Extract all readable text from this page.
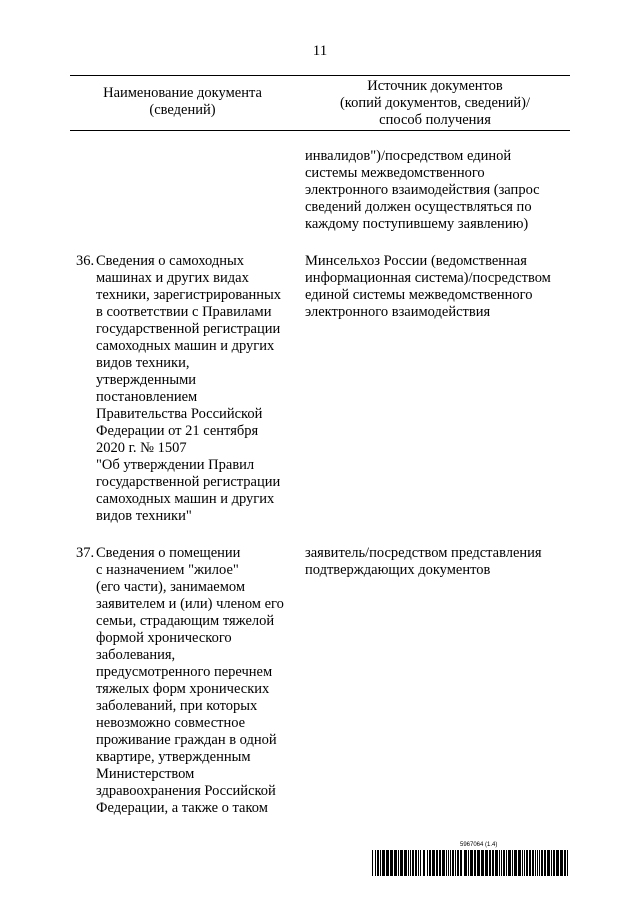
11
Наименование документа
(сведений)
Источник документов
(копий документов, сведений)/
способ получения
инвалидов")/посредством единой
системы межведомственного
электронного взаимодействия (запрос
сведений должен осуществляться по
каждому поступившему заявлению)
36. Сведения о самоходных
машинах и других видах
техники, зарегистрированных
в соответствии с Правилами
государственной регистрации
самоходных машин и других
видов техники,
утвержденными
постановлением
Правительства Российской
Федерации от 21 сентября
2020 г. № 1507
"Об утверждении Правил
государственной регистрации
самоходных машин и других
видов техники"
Минсельхоз России (ведомственная
информационная система)/посредством
единой системы межведомственного
электронного взаимодействия
37. Сведения о помещении
с назначением "жилое"
(его части), занимаемом
заявителем и (или) членом его
семьи, страдающим тяжелой
формой хронического
заболевания,
предусмотренного перечнем
тяжелых форм хронических
заболеваний, при которых
невозможно совместное
проживание граждан в одной
квартире, утвержденным
Министерством
здравоохранения Российской
Федерации, а также о таком
заявитель/посредством представления
подтверждающих документов
5967064 (1.4)
